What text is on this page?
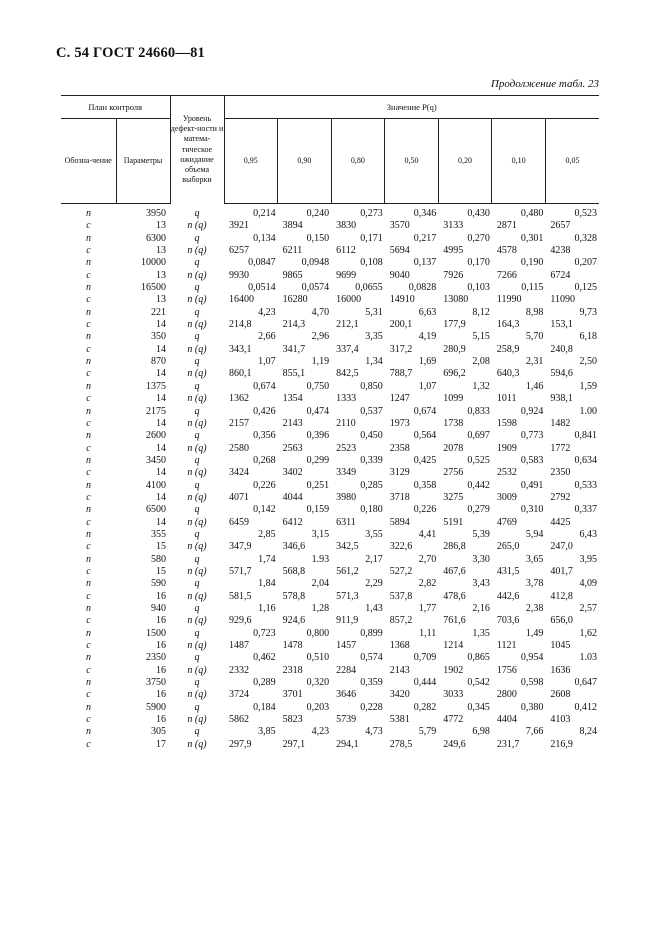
С. 54 ГОСТ 24660—81
Продолжение табл. 23
План контроля		Уровень дефект-ности и матема-тическое ожидание объема выборки	Значение P(q)						
Обозна-чение	Параметры		0,95	0,90	0,80	0,50	0,20	0,10	0,05
n	3950	q	0,214	0,240	0,273	0,346	0,430	0,480	0,523
c	13	n (q)	3921	3894	3830	3570	3133	2871	2657
n	6300	q	0,134	0,150	0,171	0,217	0,270	0,301	0,328
c	13	n (q)	6257	6211	6112	5694	4995	4578	4238
n	10000	q	0,0847	0,0948	0,108	0,137	0,170	0,190	0,207
c	13	n (q)	9930	9865	9699	9040	7926	7266	6724
n	16500	q	0,0514	0,0574	0,0655	0,0828	0,103	0,115	0,125
c	13	n (q)	16400	16280	16000	14910	13080	11990	11090
n	221	q	4,23	4,70	5,31	6,63	8,12	8,98	9,73
c	14	n (q)	214,8	214,3	212,1	200,1	177,9	164,3	153,1
n	350	q	2,66	2,96	3,35	4,19	5,15	5,70	6,18
c	14	n (q)	343,1	341,7	337,4	317,2	280,9	258,9	240,8
n	870	q	1,07	1,19	1,34	1,69	2,08	2,31	2,50
c	14	n (q)	860,1	855,1	842,5	788,7	696,2	640,3	594,6
n	1375	q	0,674	0,750	0,850	1,07	1,32	1,46	1,59
c	14	n (q)	1362	1354	1333	1247	1099	1011	938,1
n	2175	q	0,426	0,474	0,537	0,674	0,833	0,924	1.00
c	14	n (q)	2157	2143	2110	1973	1738	1598	1482
n	2600	q	0,356	0,396	0,450	0,564	0,697	0,773	0,841
c	14	n (q)	2580	2563	2523	2358	2078	1909	1772
n	3450	q	0,268	0,299	0,339	0,425	0,525	0,583	0,634
c	14	n (q)	3424	3402	3349	3129	2756	2532	2350
n	4100	q	0,226	0,251	0,285	0,358	0,442	0,491	0,533
c	14	n (q)	4071	4044	3980	3718	3275	3009	2792
n	6500	q	0,142	0,159	0,180	0,226	0,279	0,310	0,337
c	14	n (q)	6459	6412	6311	5894	5191	4769	4425
n	355	q	2,85	3,15	3,55	4,41	5,39	5,94	6,43
c	15	n (q)	347,9	346,6	342,5	322,6	286,8	265,0	247,0
n	580	q	1,74	1.93	2,17	2,70	3,30	3,65	3,95
c	15	n (q)	571,7	568,8	561,2	527,2	467,6	431,5	401,7
n	590	q	1,84	2,04	2,29	2,82	3,43	3,78	4,09
c	16	n (q)	581,5	578,8	571,3	537,8	478,6	442,6	412,8
n	940	q	1,16	1,28	1,43	1,77	2,16	2,38	2,57
c	16	n (q)	929,6	924,6	911,9	857,2	761,6	703,6	656,0
n	1500	q	0,723	0,800	0,899	1,11	1,35	1,49	1,62
c	16	n (q)	1487	1478	1457	1368	1214	1121	1045
n	2350	q	0,462	0,510	0,574	0,709	0,865	0,954	1.03
c	16	n (q)	2332	2318	2284	2143	1902	1756	1636
n	3750	q	0,289	0,320	0,359	0,444	0,542	0,598	0,647
c	16	n (q)	3724	3701	3646	3420	3033	2800	2608
n	5900	q	0,184	0,203	0,228	0,282	0,345	0,380	0,412
c	16	n (q)	5862	5823	5739	5381	4772	4404	4103
n	305	q	3,85	4,23	4,73	5,79	6,98	7,66	8,24
c	17	n (q)	297,9	297,1	294,1	278,5	249,6	231,7	216,9
